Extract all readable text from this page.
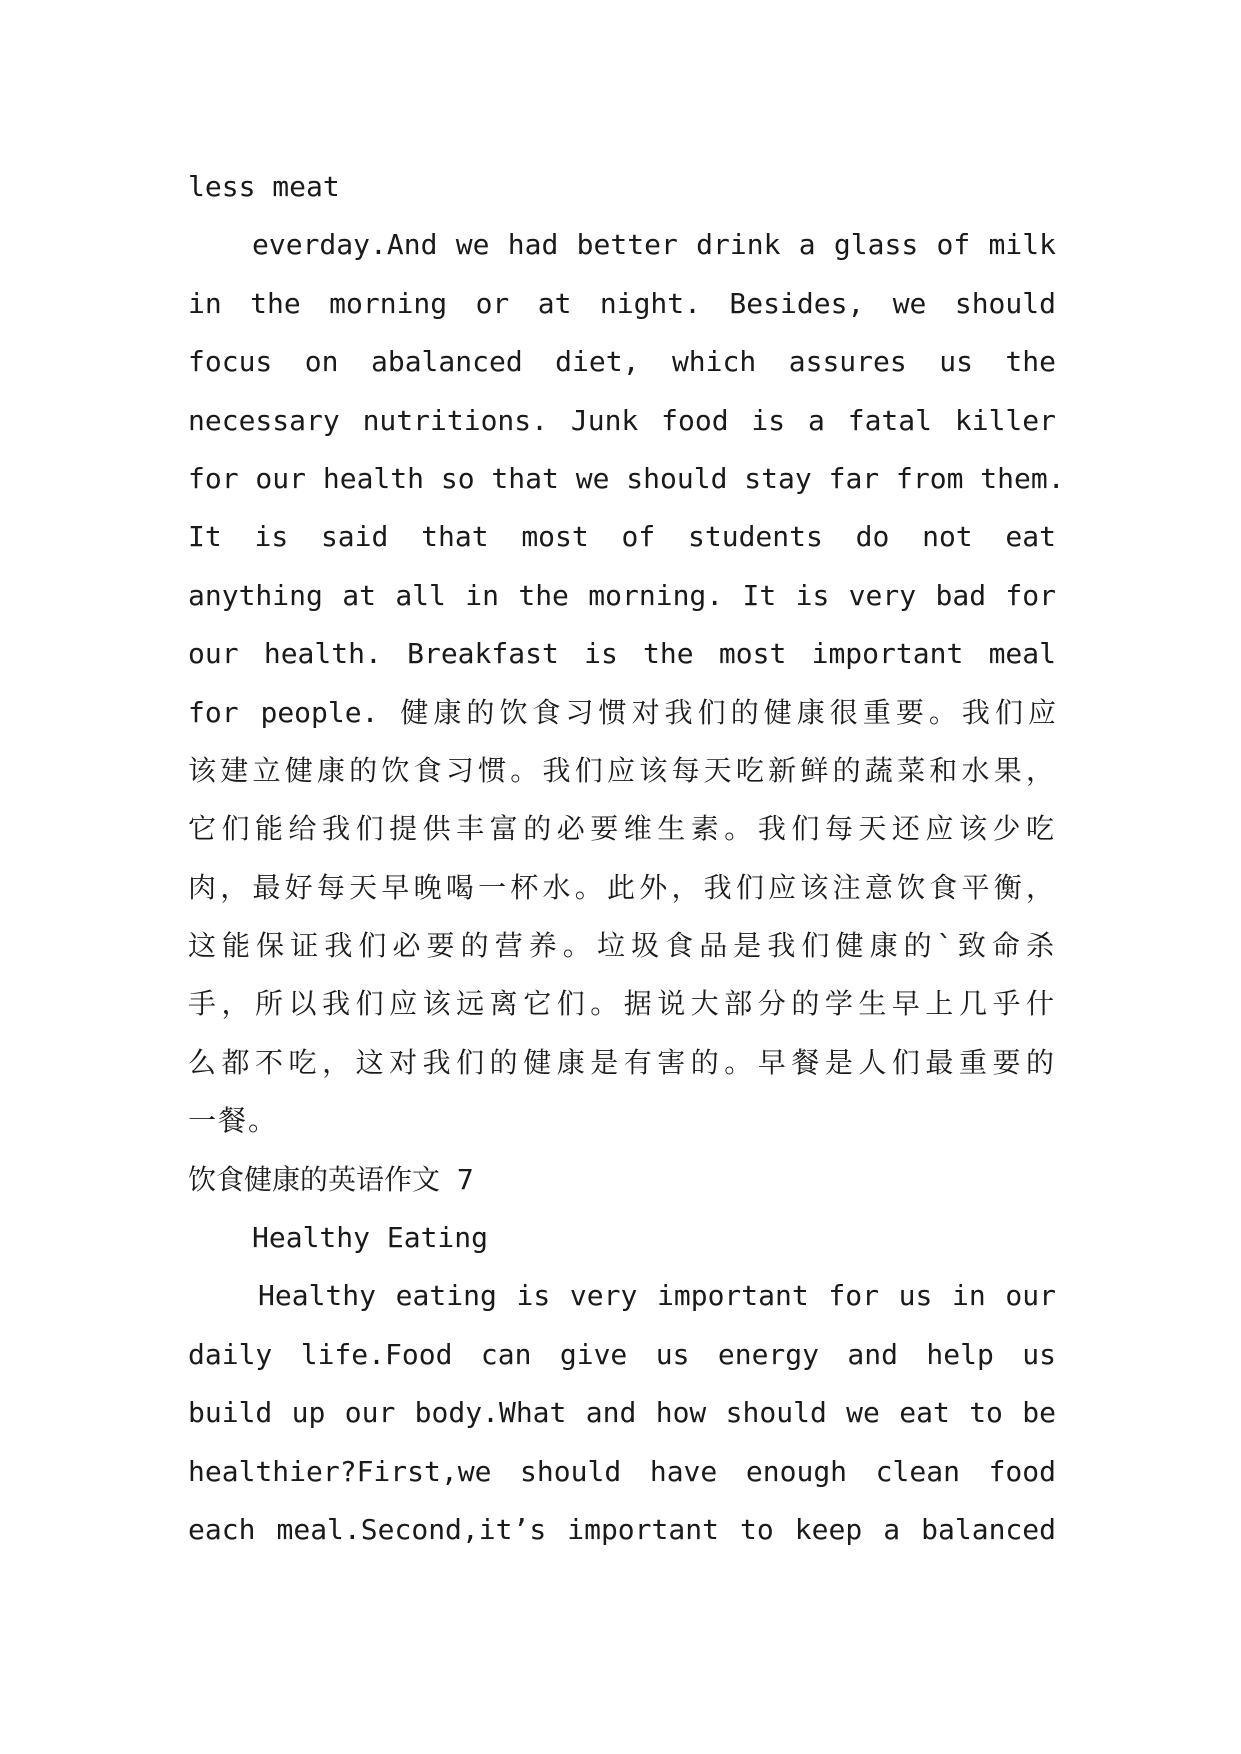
less meat
everday.And we had better drink a glass of milk
in the morning or at night. Besides, we should
focus on abalanced diet, which assures us the
necessary nutritions. Junk food is a fatal killer
for our health so that we should stay far from them.
It is said that most of students do not eat
anything at all in the morning. It is very bad for
our health. Breakfast is the most important meal
for people. 健康的饮食习惯对我们的健康很重要。我们应
该建立健康的饮食习惯。我们应该每天吃新鲜的蔬菜和水果，
它们能给我们提供丰富的必要维生素。我们每天还应该少吃
肉，最好每天早晚喝一杯水。此外，我们应该注意饮食平衡，
这能保证我们必要的营养。垃圾食品是我们健康的`致命杀
手，所以我们应该远离它们。据说大部分的学生早上几乎什
么都不吃，这对我们的健康是有害的。早餐是人们最重要的
一餐。
饮食健康的英语作文 7
Healthy Eating
Healthy eating is very important for us in our
daily life.Food can give us energy and help us
build up our body.What and how should we eat to be
healthier?First,we should have enough clean food
each meal.Second,it’s important to keep a balanced
